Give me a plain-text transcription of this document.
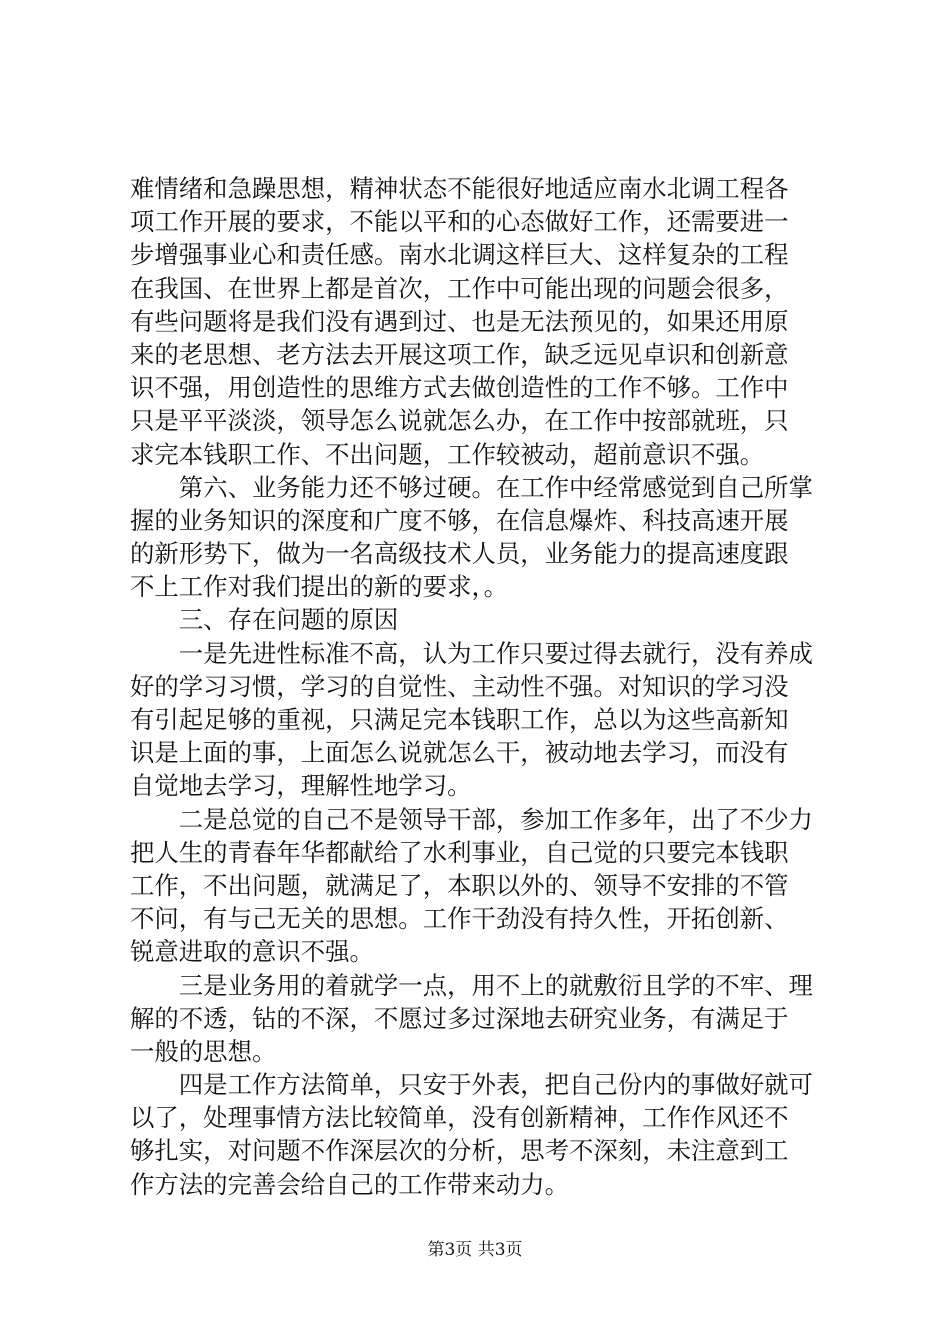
难情绪和急躁思想，精神状态不能很好地适应南水北调工程各
项工作开展的要求，不能以平和的心态做好工作，还需要进一
步增强事业心和责任感。南水北调这样巨大、这样复杂的工程
在我国、在世界上都是首次，工作中可能出现的问题会很多，
有些问题将是我们没有遇到过、也是无法预见的，如果还用原
来的老思想、老方法去开展这项工作，缺乏远见卓识和创新意
识不强，用创造性的思维方式去做创造性的工作不够。工作中
只是平平淡淡，领导怎么说就怎么办，在工作中按部就班，只
求完本钱职工作、不出问题，工作较被动，超前意识不强。
　　第六、业务能力还不够过硬。在工作中经常感觉到自己所掌
握的业务知识的深度和广度不够，在信息爆炸、科技高速开展
的新形势下，做为一名高级技术人员，业务能力的提高速度跟
不上工作对我们提出的新的要求，。
　　三、存在问题的原因
　　一是先进性标准不高，认为工作只要过得去就行，没有养成
好的学习习惯，学习的自觉性、主动性不强。对知识的学习没
有引起足够的重视，只满足完本钱职工作，总以为这些高新知
识是上面的事，上面怎么说就怎么干，被动地去学习，而没有
自觉地去学习，理解性地学习。
　　二是总觉的自己不是领导干部，参加工作多年，出了不少力
把人生的青春年华都献给了水利事业，自己觉的只要完本钱职
工作，不出问题，就满足了，本职以外的、领导不安排的不管
不问，有与己无关的思想。工作干劲没有持久性，开拓创新、
锐意进取的意识不强。
　　三是业务用的着就学一点，用不上的就敷衍且学的不牢、理
解的不透，钻的不深，不愿过多过深地去研究业务，有满足于
一般的思想。
　　四是工作方法简单，只安于外表，把自己份内的事做好就可
以了，处理事情方法比较简单，没有创新精神，工作作风还不
够扎实，对问题不作深层次的分析，思考不深刻，未注意到工
作方法的完善会给自己的工作带来动力。
第3页 共3页
